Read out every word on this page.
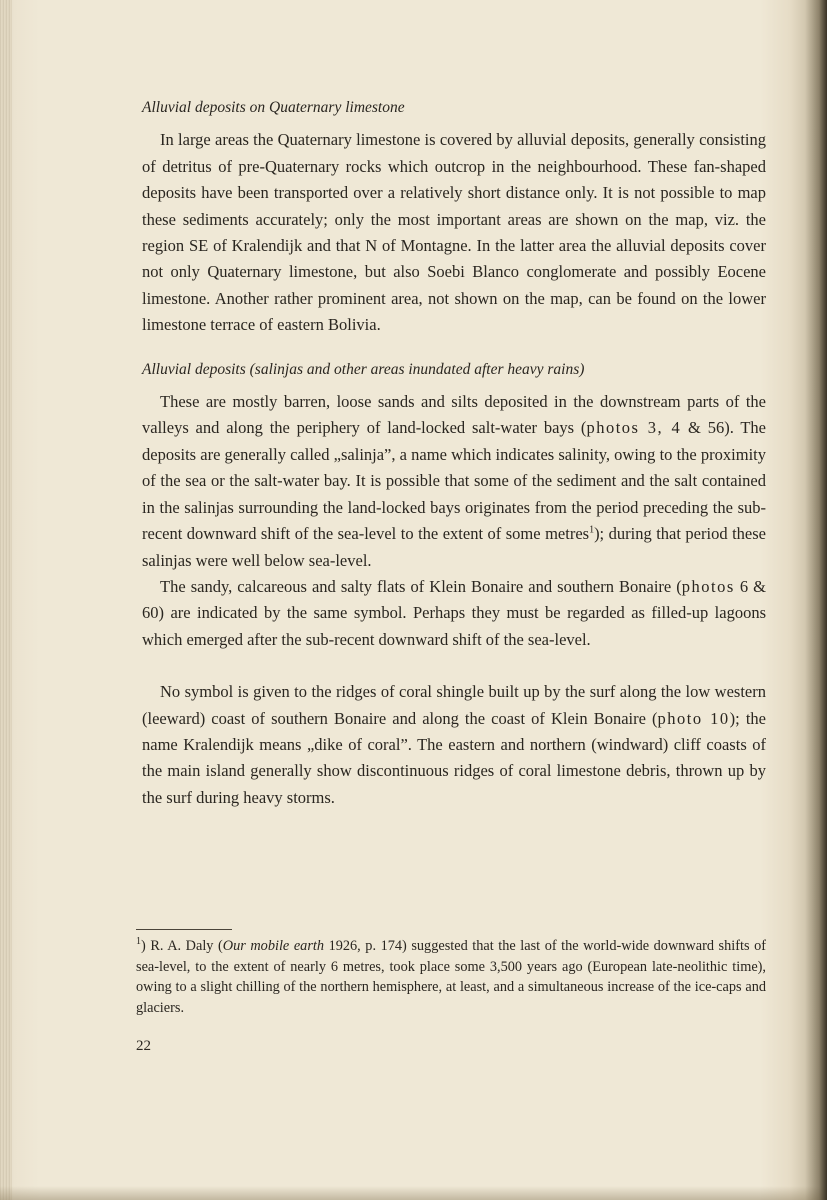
Alluvial deposits on Quaternary limestone

In large areas the Quaternary limestone is covered by alluvial deposits, generally consisting of detritus of pre-Quaternary rocks which outcrop in the neighbourhood. These fan-shaped deposits have been transported over a relatively short distance only. It is not possible to map these sediments accurately; only the most important areas are shown on the map, viz. the region SE of Kralendijk and that N of Montagne. In the latter area the alluvial deposits cover not only Quaternary limestone, but also Soebi Blanco conglomerate and possibly Eocene limestone. Another rather prominent area, not shown on the map, can be found on the lower limestone terrace of eastern Bolivia.

Alluvial deposits (salinjas and other areas inundated after heavy rains)

These are mostly barren, loose sands and silts deposited in the downstream parts of the valleys and along the periphery of land-locked salt-water bays (photos 3, 4 & 56). The deposits are generally called „salinja”, a name which indicates salinity, owing to the proximity of the sea or the salt-water bay. It is possible that some of the sediment and the salt contained in the salinjas surrounding the land-locked bays originates from the period preceding the sub-recent downward shift of the sea-level to the extent of some metres$^1$); during that period these salinjas were well below sea-level.

The sandy, calcareous and salty flats of Klein Bonaire and southern Bonaire (photos 6 & 60) are indicated by the same symbol. Perhaps they must be regarded as filled-up lagoons which emerged after the sub-recent downward shift of the sea-level.

No symbol is given to the ridges of coral shingle built up by the surf along the low western (leeward) coast of southern Bonaire and along the coast of Klein Bonaire (photo 10); the name Kralendijk means „dike of coral”. The eastern and northern (windward) cliff coasts of the main island generally show discontinuous ridges of coral limestone debris, thrown up by the surf during heavy storms.

$^1$) R. A. Daly (Our mobile earth 1926, p. 174) suggested that the last of the world-wide downward shifts of sea-level, to the extent of nearly 6 metres, took place some 3,500 years ago (European late-neolithic time), owing to a slight chilling of the northern hemisphere, at least, and a simultaneous increase of the ice-caps and glaciers.
22
